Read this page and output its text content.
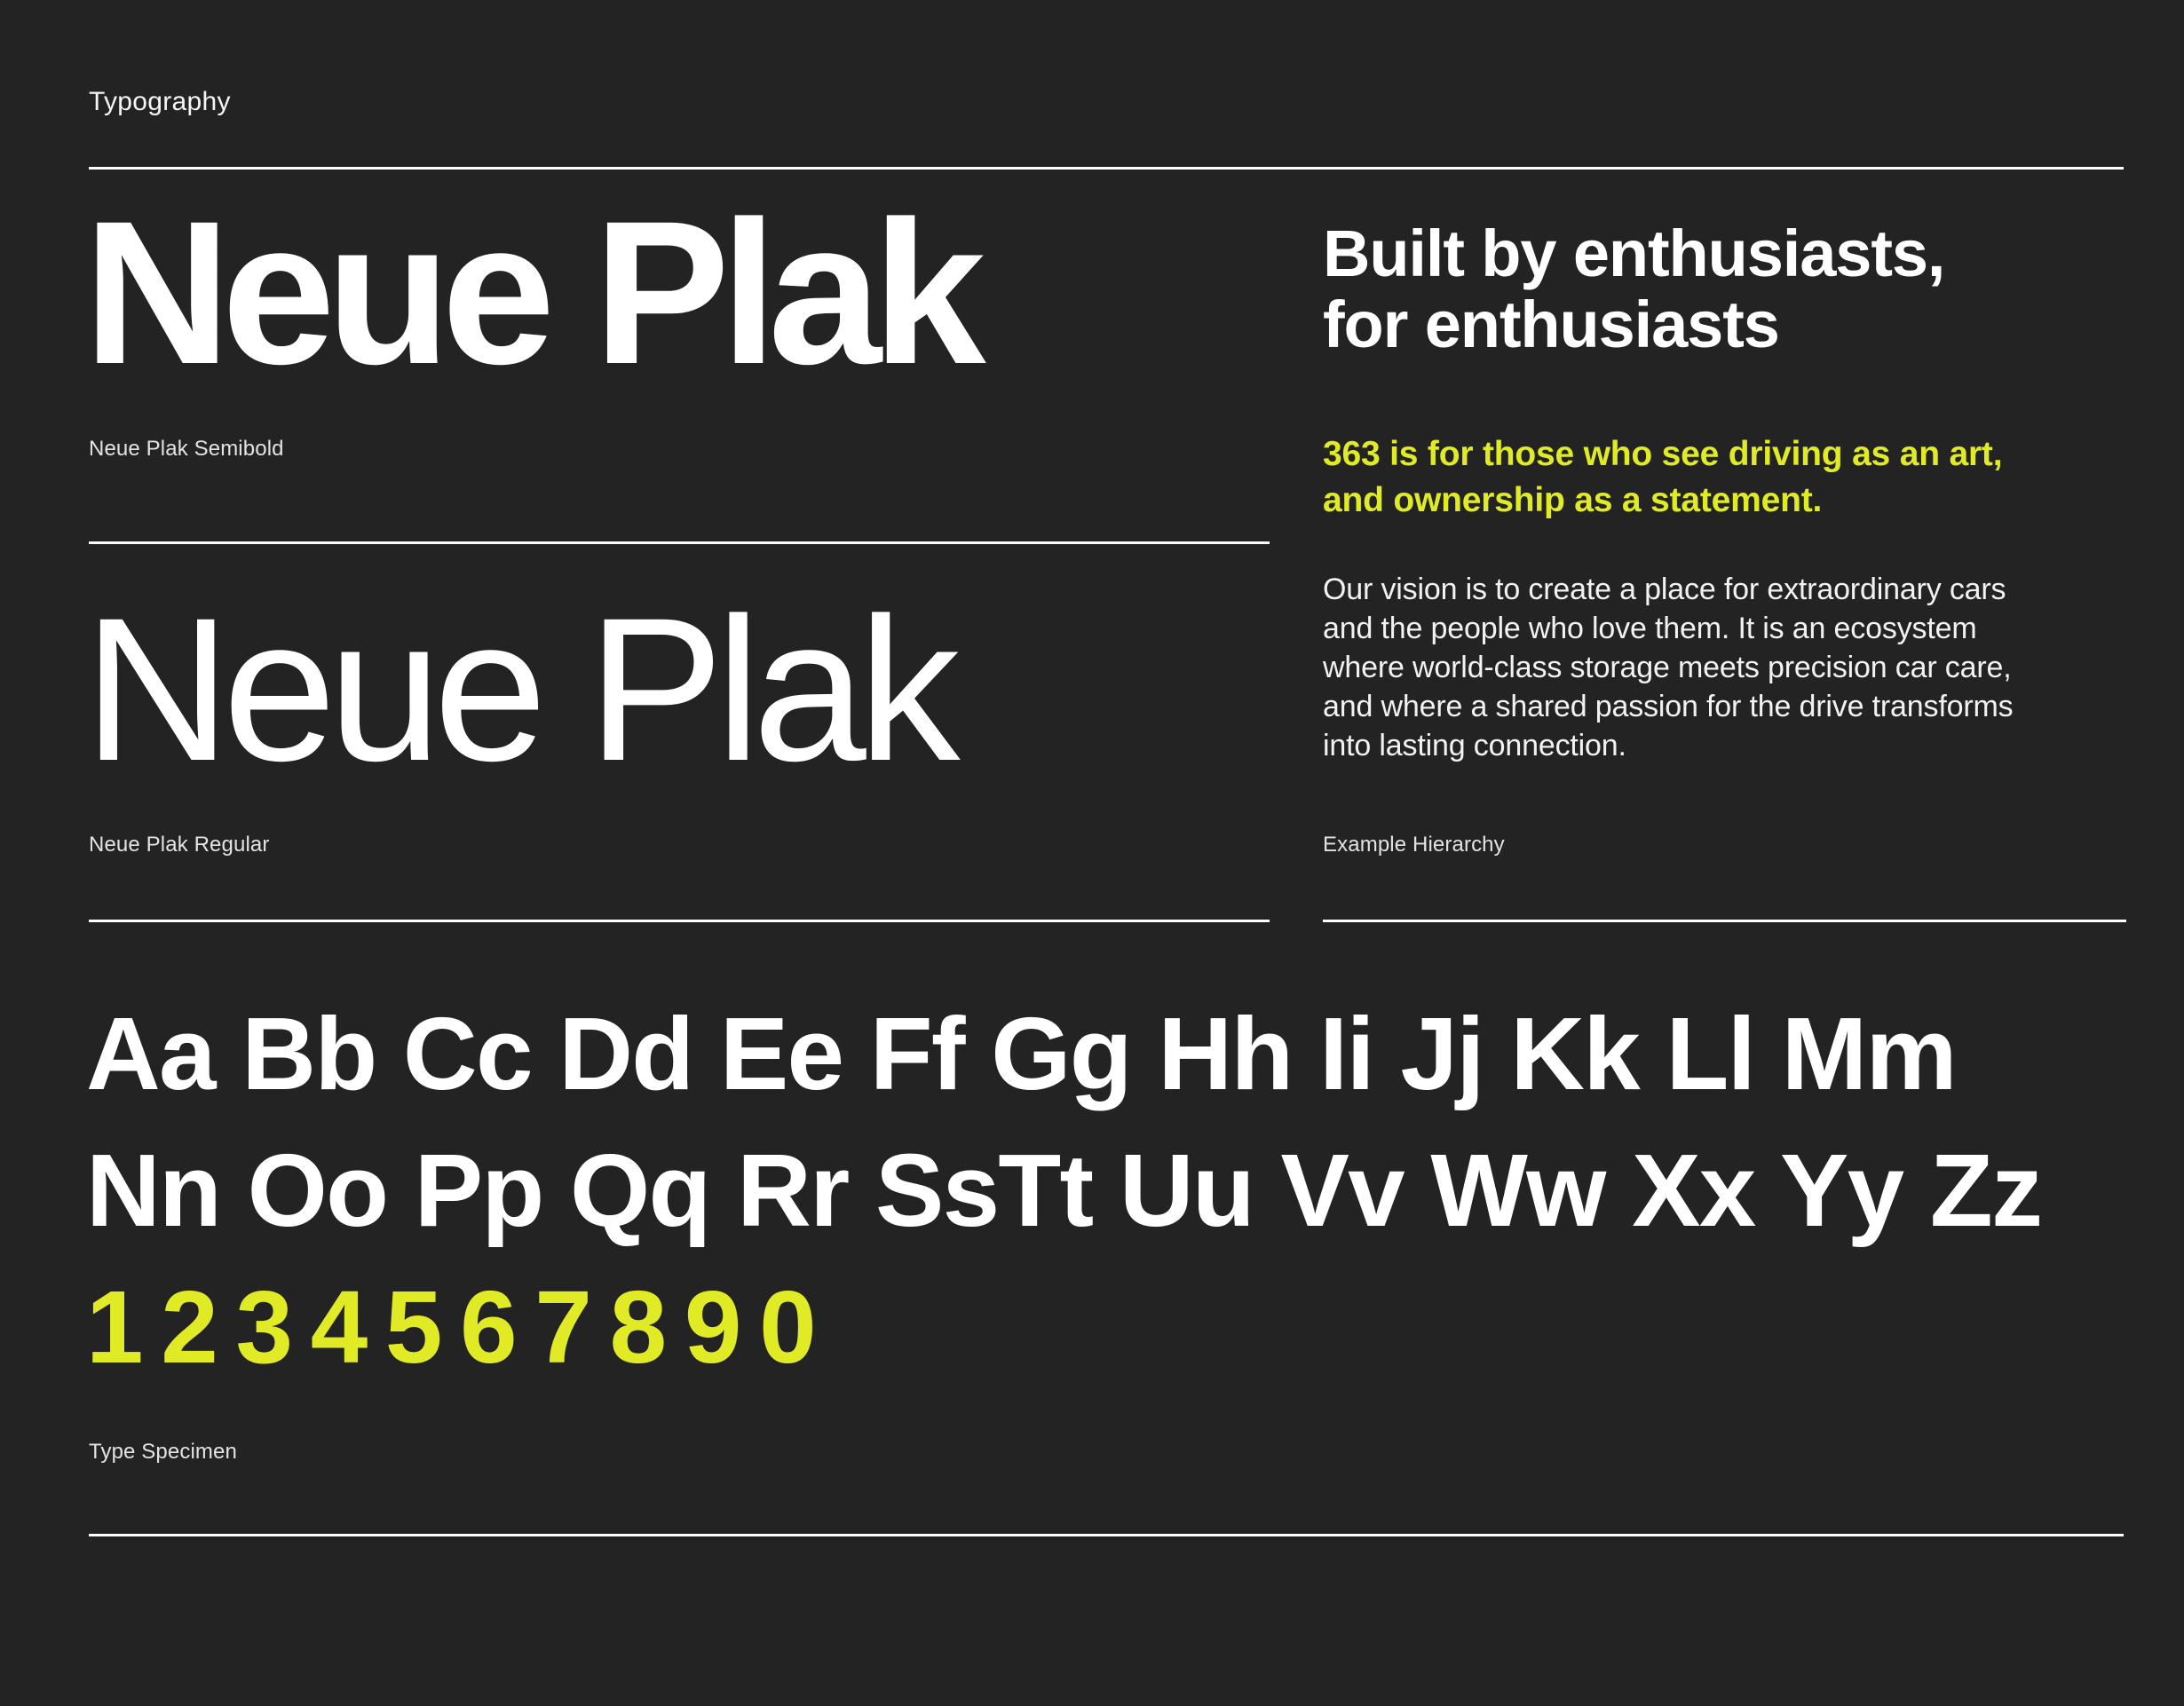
Typography
Neue Plak
Neue Plak Semibold
Neue Plak
Neue Plak Regular
Built by enthusiasts,
for enthusiasts
363 is for those who see driving as an art,
and ownership as a statement.
Our vision is to create a place for extraordinary cars
and the people who love them. It is an ecosystem
where world-class storage meets precision car care,
and where a shared passion for the drive transforms
into lasting connection.
Example Hierarchy
Aa Bb Cc Dd Ee Ff Gg Hh Ii Jj Kk Ll Mm
Nn Oo Pp Qq Rr SsTt Uu Vv Ww Xx Yy Zz
1234567890
Type Specimen
